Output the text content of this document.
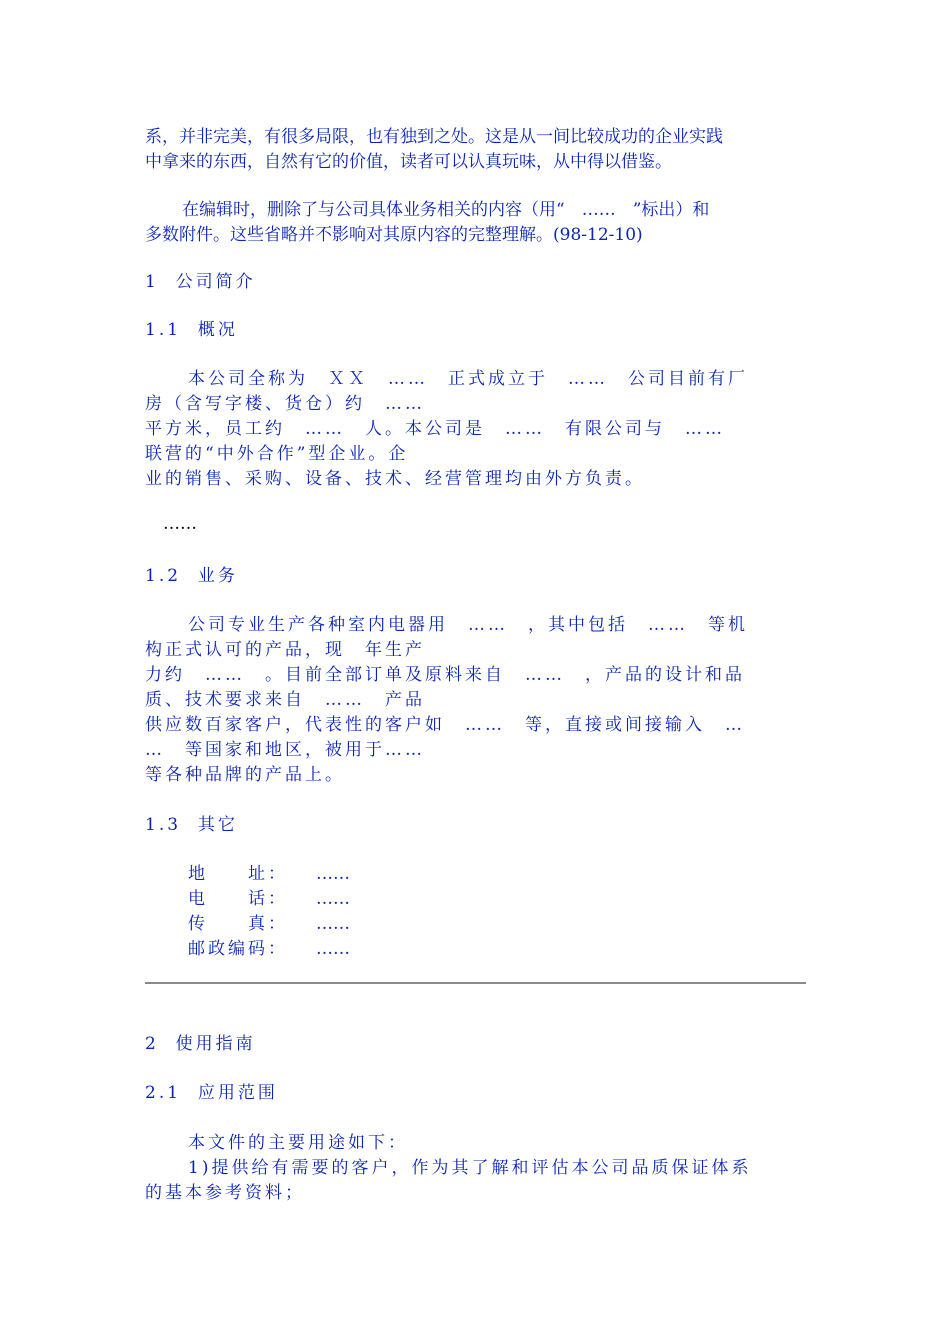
系，并非完美，有很多局限，也有独到之处。这是从一间比较成功的企业实践
中拿来的东西，自然有它的价值，读者可以认真玩味，从中得以借鉴。
在编辑时，删除了与公司具体业务相关的内容（用“　……　”标出）和
多数附件。这些省略并不影响对其原内容的完整理解。(98-12-10)
1  公司简介
1.1  概况
本公司全称为　ＸＸ　……　正式成立于　……　公司目前有厂
房（含写字楼、货仓）约　……
平方米，员工约　……　人。本公司是　……　有限公司与　……
联营的“中外合作”型企业。企
业的销售、采购、设备、技术、经营管理均由外方负责。
……
1.2  业务
公司专业生产各种室内电器用　……　，其中包括　……　等机
构正式认可的产品，现　年生产
力约　……　。目前全部订单及原料来自　……　，产品的设计和品
质、技术要求来自　……　产品
供应数百家客户，代表性的客户如　……　等，直接或间接输入　…
…　等国家和地区，被用于……
等各种品牌的产品上。
1.3  其它
地　　址： ……
电　　话： ……
传　　真： ……
邮政编码： ……
2  使用指南
2.1  应用范围
本文件的主要用途如下：
1)提供给有需要的客户，作为其了解和评估本公司品质保证体系
的基本参考资料；
